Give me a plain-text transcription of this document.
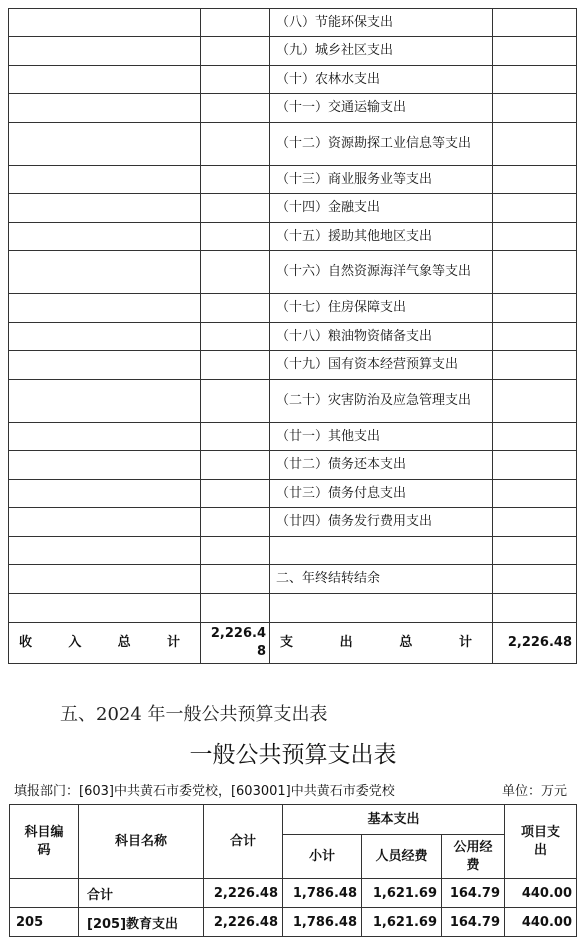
		（八）节能环保支出	
		（九）城乡社区支出	
		（十）农林水支出	
		（十一）交通运输支出	
		（十二）资源勘探工业信息等支出	
		（十三）商业服务业等支出	
		（十四）金融支出	
		（十五）援助其他地区支出	
		（十六）自然资源海洋气象等支出	
		（十七）住房保障支出	
		（十八）粮油物资储备支出	
		（十九）国有资本经营预算支出	
		（二十）灾害防治及应急管理支出	
		（廿一）其他支出	
		（廿二）债务还本支出	
		（廿三）债务付息支出	
		（廿四）债务发行费用支出	

		二、年终结转结余	

收 入 总 计	2,226.48	支 出 总 计	2,226.48
五、2024 年一般公共预算支出表
一般公共预算支出表
填报部门：[603]中共黄石市委党校，[603001]中共黄石市委党校	单位：万元
科目编码	科目名称	合计	基本支出			项目支出
			小计	人员经费	公用经费	
	合计	2,226.48	1,786.48	1,621.69	164.79	440.00
205	[205]教育支出	2,226.48	1,786.48	1,621.69	164.79	440.00
